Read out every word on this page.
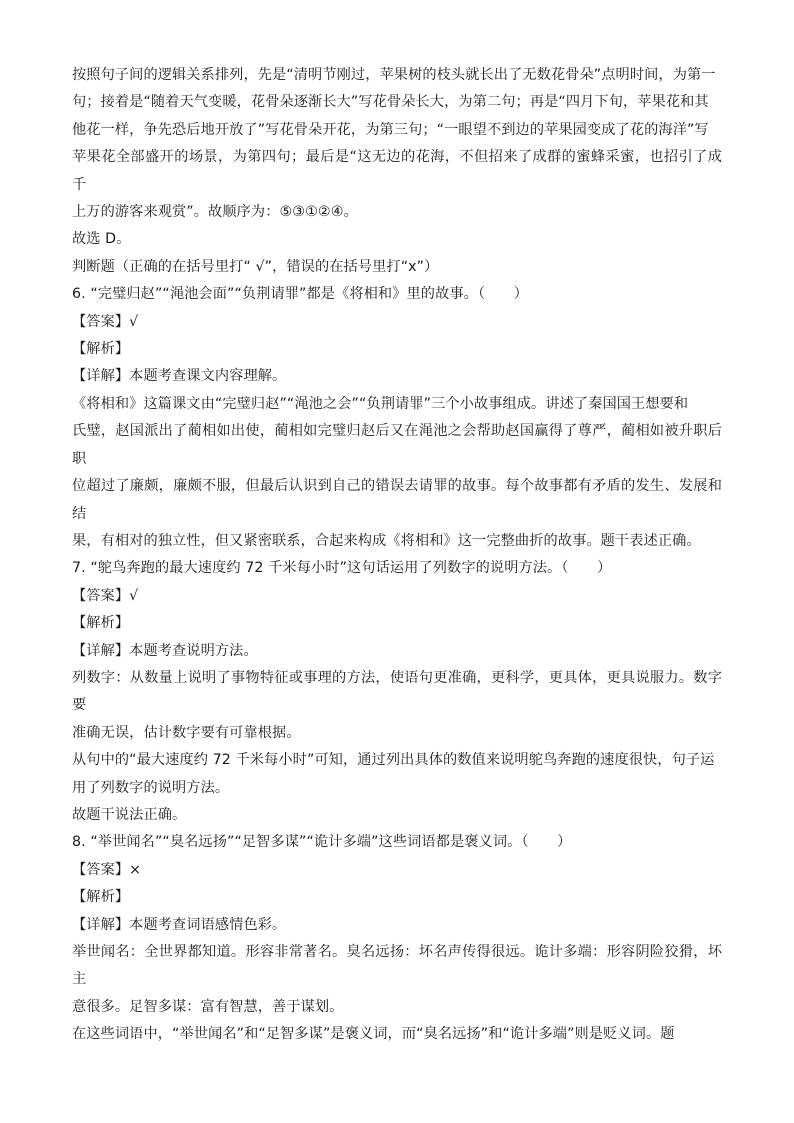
按照句子间的逻辑关系排列，先是“清明节刚过，苹果树的枝头就长出了无数花骨朵”点明时间，为第一

句；接着是“随着天气变暖，花骨朵逐渐长大”写花骨朵长大，为第二句；再是“四月下旬，苹果花和其

他花一样，争先恐后地开放了”写花骨朵开花，为第三句；“一眼望不到边的苹果园变成了花的海洋”写

苹果花全部盛开的场景，为第四句；最后是“这无边的花海，不但招来了成群的蜜蜂采蜜，也招引了成千

上万的游客来观赏”。故顺序为：⑤③①②④。

故选 D。

判断题（正确的在括号里打“ √”，错误的在括号里打“x”）

6. “完璧归赵”“渑池会面”“负荆请罪”都是《将相和》里的故事。（　　）

【答案】√

【解析】

【详解】本题考查课文内容理解。

《将相和》这篇课文由“完璧归赵”“渑池之会”“负荆请罪”三个小故事组成。讲述了秦国国王想要和

氏璧，赵国派出了蔺相如出使，蔺相如完璧归赵后又在渑池之会帮助赵国赢得了尊严，蔺相如被升职后职

位超过了廉颇，廉颇不服，但最后认识到自己的错误去请罪的故事。每个故事都有矛盾的发生、发展和结

果，有相对的独立性，但又紧密联系，合起来构成《将相和》这一完整曲折的故事。题干表述正确。

7. “鸵鸟奔跑的最大速度约 72 千米每小时”这句话运用了列数字的说明方法。（　　）

【答案】√

【解析】

【详解】本题考查说明方法。

列数字：从数量上说明了事物特征或事理的方法，使语句更准确，更科学，更具体，更具说服力。数字要

准确无误，估计数字要有可靠根据。

从句中的“最大速度约 72 千米每小时”可知，通过列出具体的数值来说明鸵鸟奔跑的速度很快，句子运

用了列数字的说明方法。

故题干说法正确。

8. “举世闻名”“臭名远扬”“足智多谋”“诡计多端”这些词语都是褒义词。（　　）

【答案】×

【解析】

【详解】本题考查词语感情色彩。

举世闻名：全世界都知道。形容非常著名。臭名远扬：坏名声传得很远。诡计多端：形容阴险狡猾，坏主

意很多。足智多谋：富有智慧，善于谋划。

在这些词语中，“举世闻名”和“足智多谋”是褒义词，而“臭名远扬”和“诡计多端”则是贬义词。题
